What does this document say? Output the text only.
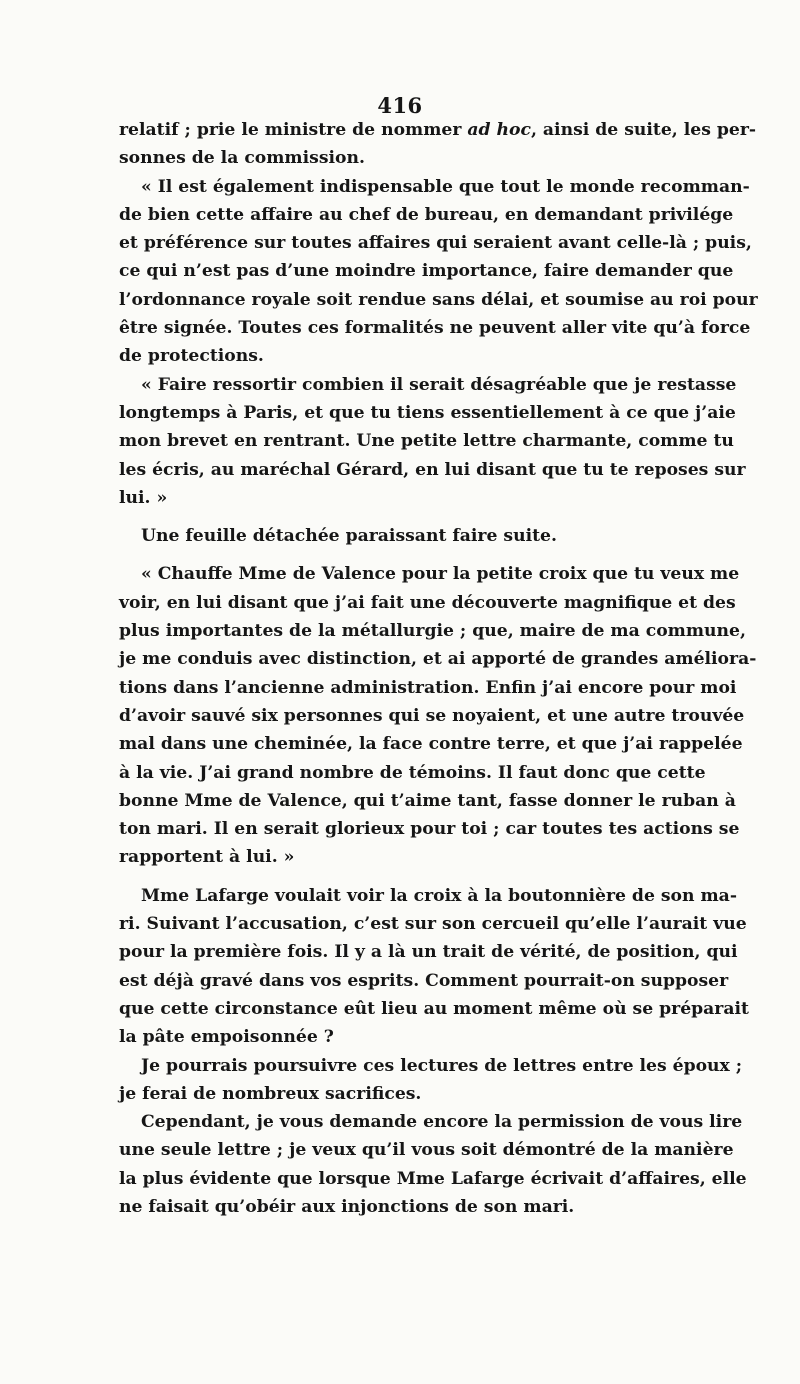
416
relatif ; prie le ministre de nommer ad hoc, ainsi de suite, les per-
sonnes de la commission.
« Il est également indispensable que tout le monde recomman-
de bien cette affaire au chef de bureau, en demandant privilége
et préférence sur toutes affaires qui seraient avant celle-là ; puis,
ce qui n’est pas d’une moindre importance, faire demander que
l’ordonnance royale soit rendue sans délai, et soumise au roi pour
être signée. Toutes ces formalités ne peuvent aller vite qu’à force
de protections.
« Faire ressortir combien il serait désagréable que je restasse
longtemps à Paris, et que tu tiens essentiellement à ce que j’aie
mon brevet en rentrant. Une petite lettre charmante, comme tu
les écris, au maréchal Gérard, en lui disant que tu te reposes sur
lui. »
Une feuille détachée paraissant faire suite.
« Chauffe Mme de Valence pour la petite croix que tu veux me
voir, en lui disant que j’ai fait une découverte magnifique et des
plus importantes de la métallurgie ; que, maire de ma commune,
je me conduis avec distinction, et ai apporté de grandes améliora-
tions dans l’ancienne administration. Enfin j’ai encore pour moi
d’avoir sauvé six personnes qui se noyaient, et une autre trouvée
mal dans une cheminée, la face contre terre, et que j’ai rappelée
à la vie. J’ai grand nombre de témoins. Il faut donc que cette
bonne Mme de Valence, qui t’aime tant, fasse donner le ruban à
ton mari. Il en serait glorieux pour toi ; car toutes tes actions se
rapportent à lui. »
Mme Lafarge voulait voir la croix à la boutonnière de son ma-
ri. Suivant l’accusation, c’est sur son cercueil qu’elle l’aurait vue
pour la première fois. Il y a là un trait de vérité, de position, qui
est déjà gravé dans vos esprits. Comment pourrait-on supposer
que cette circonstance eût lieu au moment même où se préparait
la pâte empoisonnée ?
Je pourrais poursuivre ces lectures de lettres entre les époux ;
je ferai de nombreux sacrifices.
Cependant, je vous demande encore la permission de vous lire
une seule lettre ; je veux qu’il vous soit démontré de la manière
la plus évidente que lorsque Mme Lafarge écrivait d’affaires, elle
ne faisait qu’obéir aux injonctions de son mari.
